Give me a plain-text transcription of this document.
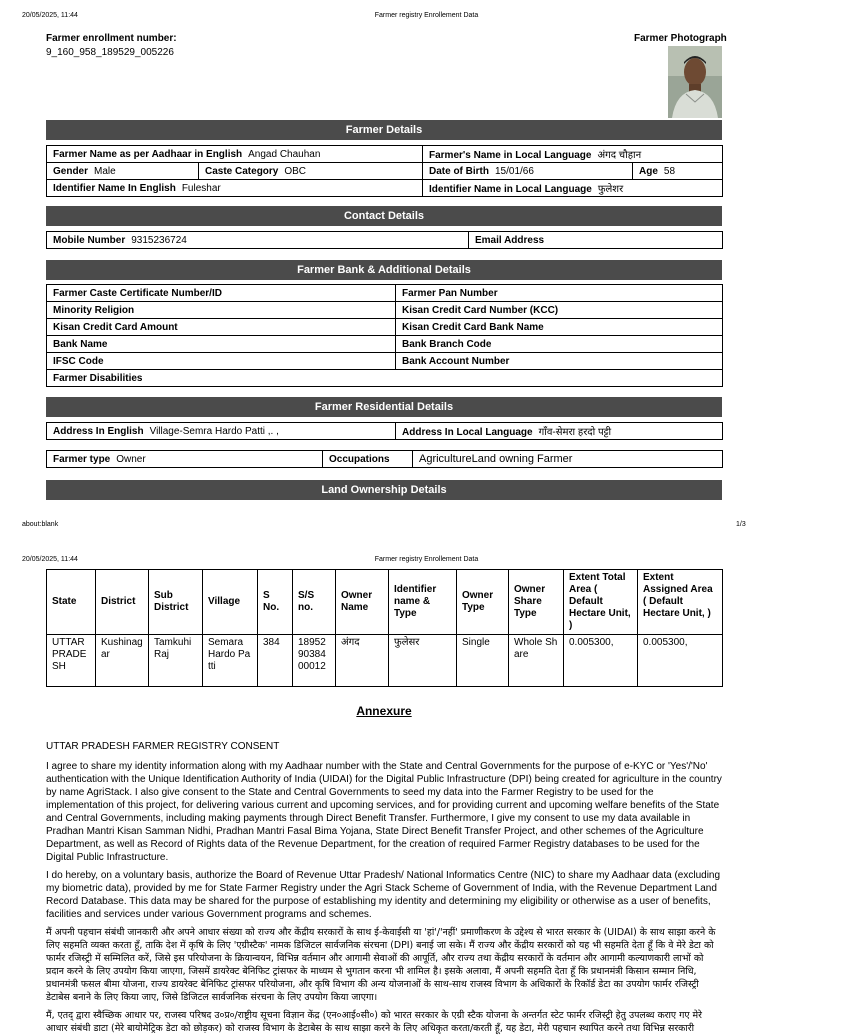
20/05/2025, 11:44	Farmer registry Enrollement Data
Farmer enrollment number:
9_160_958_189529_005226
Farmer Photograph
Farmer Details
Farmer Name as per Aadhaar in English Angad Chauhan		Farmer's Name in Local Language अंगद चौहान	
Gender Male	Caste Category OBC	Date of Birth 15/01/66	Age 58
Identifier Name In English Fuleshar		Identifier Name in Local Language फुलेशर	
Contact Details
Mobile Number 9315236724	Email Address
Farmer Bank & Additional Details
Farmer Caste Certificate Number/ID	Farmer Pan Number
Minority Religion	Kisan Credit Card Number (KCC)
Kisan Credit Card Amount	Kisan Credit Card Bank Name
Bank Name	Bank Branch Code
IFSC Code	Bank Account Number
Farmer Disabilities	
Farmer Residential Details
Address In English Village-Semra Hardo Patti ,. ,	Address In Local Language गाँव-सेमरा हरदो पट्टी
Farmer type Owner	Occupations	AgricultureLand owning Farmer
Land Ownership Details
about:blank	1/3
20/05/2025, 11:44	Farmer registry Enrollement Data
State	District	Sub District	Village	S No.	S/S no.	Owner Name	Identifier name & Type	Owner Type	Owner Share Type	Extent Total Area ( Default Hectare Unit, )	Extent Assigned Area ( Default Hectare Unit, )
UTTAR PRADESH	Kushinagar	Tamkuhi Raj	Semara Hardo Patti	384	189529038400012	अंगद	फुलेसर	Single	Whole Share	0.005300,	0.005300,
Annexure
UTTAR PRADESH FARMER REGISTRY CONSENT
I agree to share my identity information along with my Aadhaar number with the State and Central Governments for the purpose of e-KYC or 'Yes'/'No' authentication with the Unique Identification Authority of India (UIDAI) for the Digital Public Infrastructure (DPI) being created for agriculture in the country by name AgriStack. I also give consent to the State and Central Governments to seed my data into the Farmer Registry to be used for the implementation of this project, for delivering various current and upcoming services, and for providing current and upcoming welfare benefits of the State and Central Governments, including making payments through Direct Benefit Transfer. Furthermore, I give my consent to use my data available in Pradhan Mantri Kisan Samman Nidhi, Pradhan Mantri Fasal Bima Yojana, State Direct Benefit Transfer Project, and other schemes of the Agriculture Department, as well as Record of Rights data of the Revenue Department, for the creation of required Farmer Registry databases to be used for the Digital Public Infrastructure.
I do hereby, on a voluntary basis, authorize the Board of Revenue Uttar Pradesh/ National Informatics Centre (NIC) to share my Aadhaar data (excluding my biometric data), provided by me for State Farmer Registry under the Agri Stack Scheme of Government of India, with the Revenue Department Land Record Database. This data may be shared for the purpose of establishing my identity and determining my eligibility or otherwise as a user of benefits, facilities and services under various Government programs and schemes.
मैं अपनी पहचान संबंधी जानकारी और अपने आधार संख्या को राज्य और केंद्रीय सरकारों के साथ ई-केवाईसी या 'हां'/'नहीं' प्रमाणीकरण के उद्देश्य से भारत सरकार के (UIDAI) के साथ साझा करने के लिए सहमति व्यक्त करता हूँ, ताकि देश में कृषि के लिए 'एग्रीस्टैक' नामक डिजिटल सार्वजनिक संरचना (DPI) बनाई जा सके। मैं राज्य और केंद्रीय सरकारों को यह भी सहमति देता हूँ कि वे मेरे डेटा को फार्मर रजिस्ट्री में सम्मिलित करें, जिसे इस परियोजना के क्रियान्वयन, विभिन्न वर्तमान और आगामी सेवाओं की आपूर्ति, और राज्य तथा केंद्रीय सरकारों के वर्तमान और आगामी कल्याणकारी लाभों को प्रदान करने के लिए उपयोग किया जाएगा, जिसमें डायरेक्ट बेनिफिट ट्रांसफर के माध्यम से भुगतान करना भी शामिल है। इसके अलावा, मैं अपनी सहमति देता हूँ कि प्रधानमंत्री किसान सम्मान निधि, प्रधानमंत्री फसल बीमा योजना, राज्य डायरेक्ट बेनिफिट ट्रांसफर परियोजना, और कृषि विभाग की अन्य योजनाओं के साथ-साथ राजस्व विभाग के अधिकारों के रिकॉर्ड डेटा का उपयोग फार्मर रजिस्ट्री डेटाबेस बनाने के लिए किया जाए, जिसे डिजिटल सार्वजनिक संरचना के लिए उपयोग किया जाएगा।
मैं, एतद् द्वारा स्वैच्छिक आधार पर, राजस्व परिषद उ०प्र०/राष्ट्रीय सूचना विज्ञान केंद्र (एन०आई०सी०) को भारत सरकार के एग्री स्टैक योजना के अन्तर्गत स्टेट फार्मर रजिस्ट्री हेतु उपलब्ध कराए गए मेरे आधार संबंधी डाटा (मेरे बायोमेट्रिक डेटा को छोड़कर) को राजस्व विभाग के डेटाबेस के साथ साझा करने के लिए अधिकृत करता/करती हूँ, यह डेटा, मेरी पहचान स्थापित करने तथा विभिन्न सरकारी
